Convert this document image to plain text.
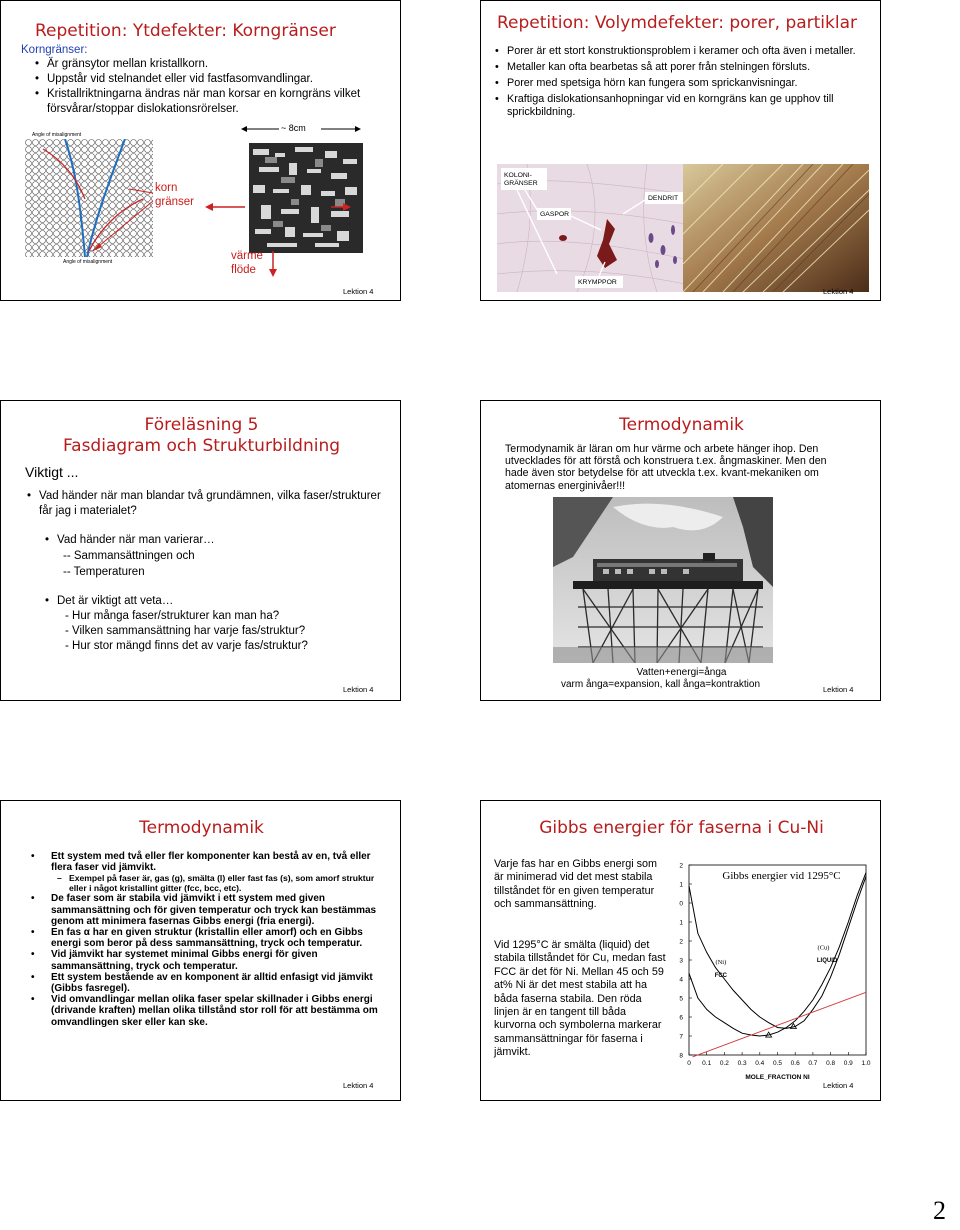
Repetition: Ytdefekter: Korngränser
Korngränser:
• Är gränsytor mellan kristallkorn.
• Uppstår vid stelnandet eller vid fastfasomvandlingar.
• Kristallriktningarna ändras när man korsar en korngräns vilket försvårar/stoppar dislokationsrörelser.
~ 8cm
Angle of misalignment
Angle of misalignment
korn
gränser
värme
flöde
Lektion 4
Repetition: Volymdefekter: porer, partiklar
• Porer är ett stort konstruktionsproblem i keramer och ofta även i metaller.
• Metaller kan ofta bearbetas så att porer från stelningen försluts.
• Porer med spetsiga hörn kan fungera som sprickanvisningar.
• Kraftiga dislokationsanhopningar vid en korngräns kan ge upphov till sprickbildning.
KOLONI-
GRÄNSER
DENDRIT
GASPOR
KRYMPPOR
Lektion 4
Föreläsning 5
Fasdiagram och Strukturbildning
Viktigt ...
• Vad händer när man blandar två grundämnen, vilka faser/strukturer får jag i materialet?
• Vad händer när man varierar…
-- Sammansättningen och
-- Temperaturen
• Det är viktigt att veta…
- Hur många faser/strukturer kan man ha?
- Vilken sammansättning har varje fas/struktur?
- Hur stor mängd finns det av varje fas/struktur?
Lektion 4
Termodynamik
Termodynamik är läran om hur värme och arbete hänger ihop. Den utvecklades för att förstå och konstruera t.ex. ångmaskiner. Men den hade även stor betydelse för att utveckla t.ex. kvant-mekaniken om atomernas energinivåer!!!
Vatten+energi=ånga
varm ånga=expansion, kall ånga=kontraktion	Lektion 4
Termodynamik
• Ett system med två eller fler komponenter kan bestå av en, två eller flera faser vid jämvikt.
– Exempel på faser är, gas (g), smälta (l) eller fast fas (s), som amorf struktur eller i något kristallint gitter (fcc, bcc, etc).
• De faser som är stabila vid jämvikt i ett system med given sammansättning och för given temperatur och tryck kan bestämmas genom att minimera fasernas Gibbs energi (fria energi).
• En fas α har en given struktur (kristallin eller amorf) och en Gibbs energi som beror på dess sammansättning, tryck och temperatur.
• Vid jämvikt har systemet minimal Gibbs energi för given sammansättning, tryck och temperatur.
• Ett system bestående av en komponent är alltid enfasigt vid jämvikt (Gibbs fasregel).
• Vid omvandlingar mellan olika faser spelar skillnader i Gibbs energi (drivande kraften) mellan olika tillstånd stor roll för att bestämma om omvandlingen sker eller kan ske.
Lektion 4
Gibbs energier för faserna i Cu-Ni
Varje fas har en Gibbs energi som är minimerad vid det mest stabila tillståndet för en given temperatur och sammansättning.
Vid 1295°C är smälta (liquid) det stabila tillståndet för Cu, medan fast FCC är det för Ni. Mellan 45 och 59 at% Ni är det mest stabila att ha båda faserna stabila. Den röda linjen är en tangent till båda kurvorna och symbolerna markerar sammansättningar för faserna i jämvikt.
2
1
0
1
2
3
4
5
6
7
8
0 0.1 0.2 0.3 0.4 0.5 0.6 0.7 0.8 0.9 1.0
MOLE_FRACTION NI
Gibbs energier vid 1295°C
(Ni)
FCC
(Cu)
LIQUID
Lektion 4
2
